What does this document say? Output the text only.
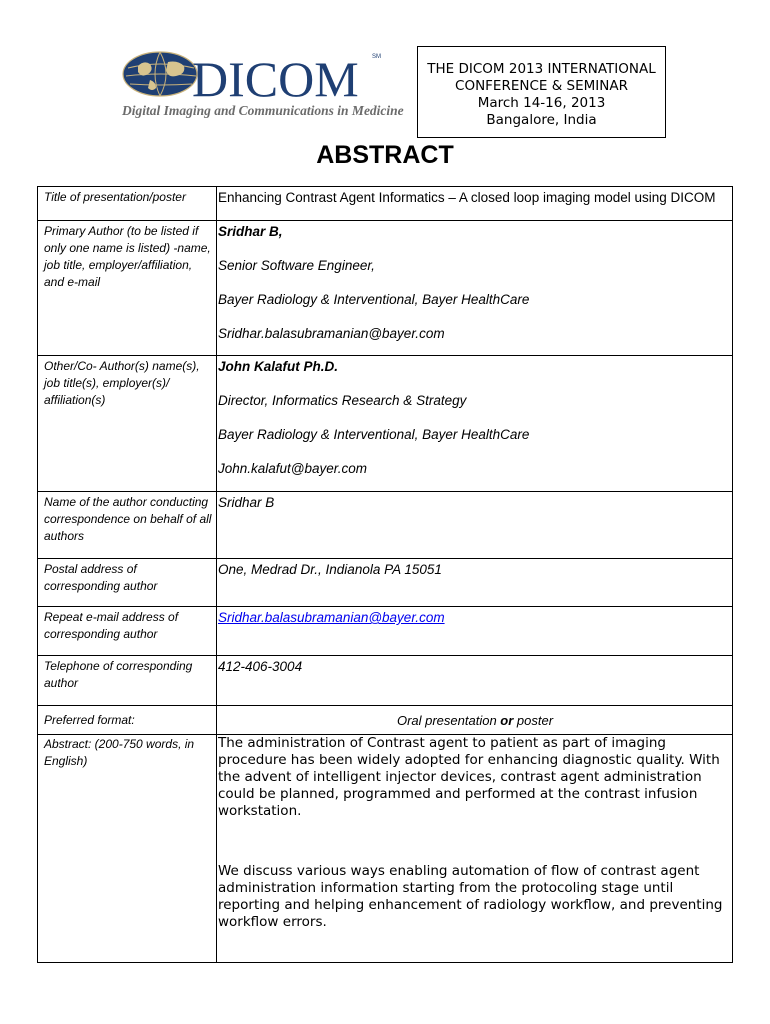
DICOM SM
Digital Imaging and Communications in Medicine
THE DICOM 2013 INTERNATIONAL
CONFERENCE & SEMINAR
March 14-16, 2013
Bangalore, India
ABSTRACT
Title of presentation/poster	Enhancing Contrast Agent Informatics – A closed loop imaging model using DICOM
Primary Author (to be listed if only one name is listed) -name, job title, employer/affiliation, and e-mail	Sridhar B,

Senior Software Engineer,

Bayer Radiology & Interventional, Bayer HealthCare

Sridhar.balasubramanian@bayer.com

Other/Co- Author(s) name(s), job title(s), employer(s)/ affiliation(s)	John Kalafut Ph.D.

Director, Informatics Research & Strategy

Bayer Radiology & Interventional, Bayer HealthCare

John.kalafut@bayer.com

Name of the author conducting correspondence on behalf of all authors	Sridhar B
Postal address of corresponding author	One, Medrad Dr., Indianola PA 15051
Repeat e-mail address of corresponding author	Sridhar.balasubramanian@bayer.com
Telephone of corresponding author	412-406-3004
Preferred format:	Oral presentation or poster
Abstract: (200-750 words, in English)	The administration of Contrast agent to patient as part of imaging procedure has been widely adopted for enhancing diagnostic quality. With the advent of intelligent injector devices, contrast agent administration could be planned, programmed and performed at the contrast infusion workstation.

We discuss various ways enabling automation of flow of contrast agent administration information starting from the protocoling stage until reporting and helping enhancement of radiology workflow, and preventing workflow errors.
